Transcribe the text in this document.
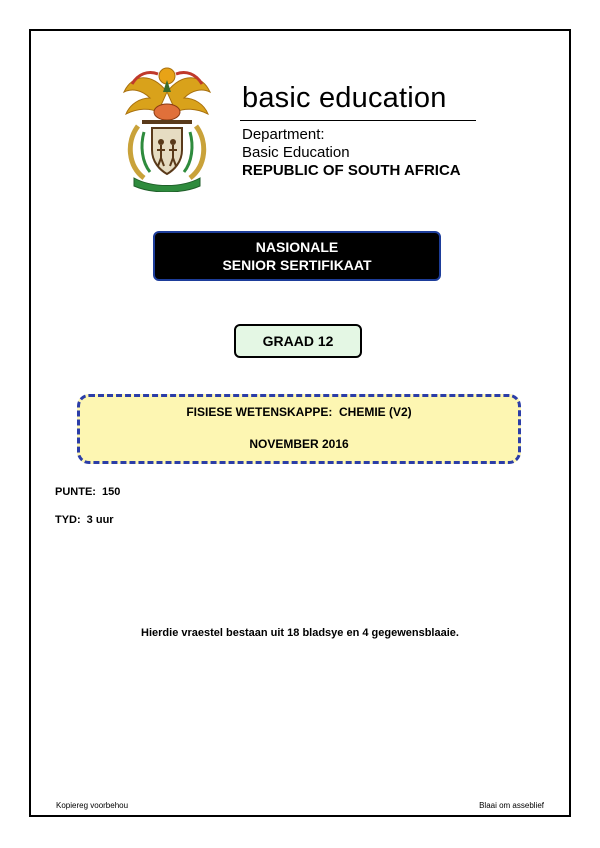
basic education
Department:
Basic Education
REPUBLIC OF SOUTH AFRICA
NASIONALE
SENIOR SERTIFIKAAT
GRAAD 12
FISIESE WETENSKAPPE:  CHEMIE (V2)
NOVEMBER 2016
PUNTE: 150
TYD: 3 uur
Hierdie vraestel bestaan uit 18 bladsye en 4 gegewensblaaie.
Kopiereg voorbehou	Blaai om asseblief
